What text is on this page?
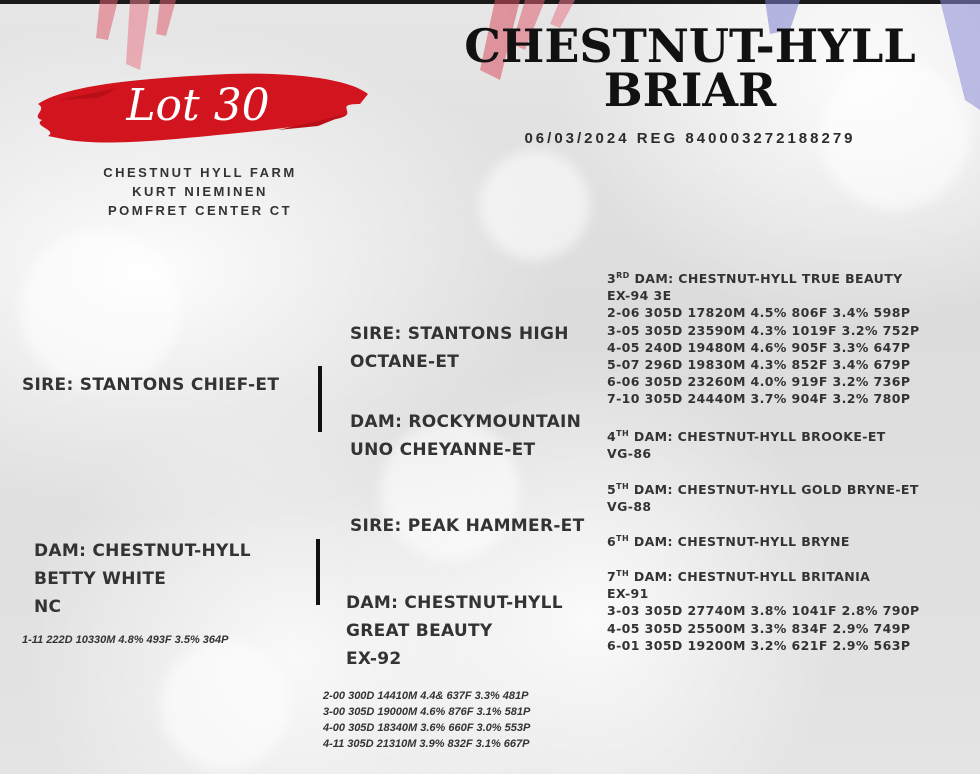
Lot 30
CHESTNUT-HYLL
BRIAR
06/03/2024 REG 840003272188279
CHESTNUT HYLL FARM
KURT NIEMINEN
POMFRET CENTER CT
SIRE: STANTONS CHIEF-ET
DAM: CHESTNUT-HYLL
BETTY WHITE
NC
1-11 222D 10330M 4.8% 493F 3.5% 364P
SIRE: STANTONS HIGH
OCTANE-ET
DAM: ROCKYMOUNTAIN
UNO CHEYANNE-ET
SIRE: PEAK HAMMER-ET
DAM: CHESTNUT-HYLL
GREAT BEAUTY
EX-92
2-00 300D 14410M 4.4& 637F 3.3% 481P
3-00 305D 19000M 4.6% 876F 3.1% 581P
4-00 305D 18340M 3.6% 660F 3.0% 553P
4-11 305D 21310M 3.9% 832F 3.1% 667P
3RD DAM: CHESTNUT-HYLL TRUE BEAUTY
EX-94 3E
2-06 305D 17820M 4.5% 806F 3.4% 598P
3-05 305D 23590M 4.3% 1019F 3.2% 752P
4-05 240D 19480M 4.6% 905F 3.3% 647P
5-07 296D 19830M 4.3% 852F 3.4% 679P
6-06 305D 23260M 4.0% 919F 3.2% 736P
7-10 305D 24440M 3.7% 904F 3.2% 780P
4TH DAM: CHESTNUT-HYLL BROOKE-ET
VG-86
5TH DAM: CHESTNUT-HYLL GOLD BRYNE-ET
VG-88
6TH DAM: CHESTNUT-HYLL BRYNE
7TH DAM: CHESTNUT-HYLL BRITANIA
EX-91
3-03 305D 27740M 3.8% 1041F 2.8% 790P
4-05 305D 25500M 3.3% 834F 2.9% 749P
6-01 305D 19200M 3.2% 621F 2.9% 563P
